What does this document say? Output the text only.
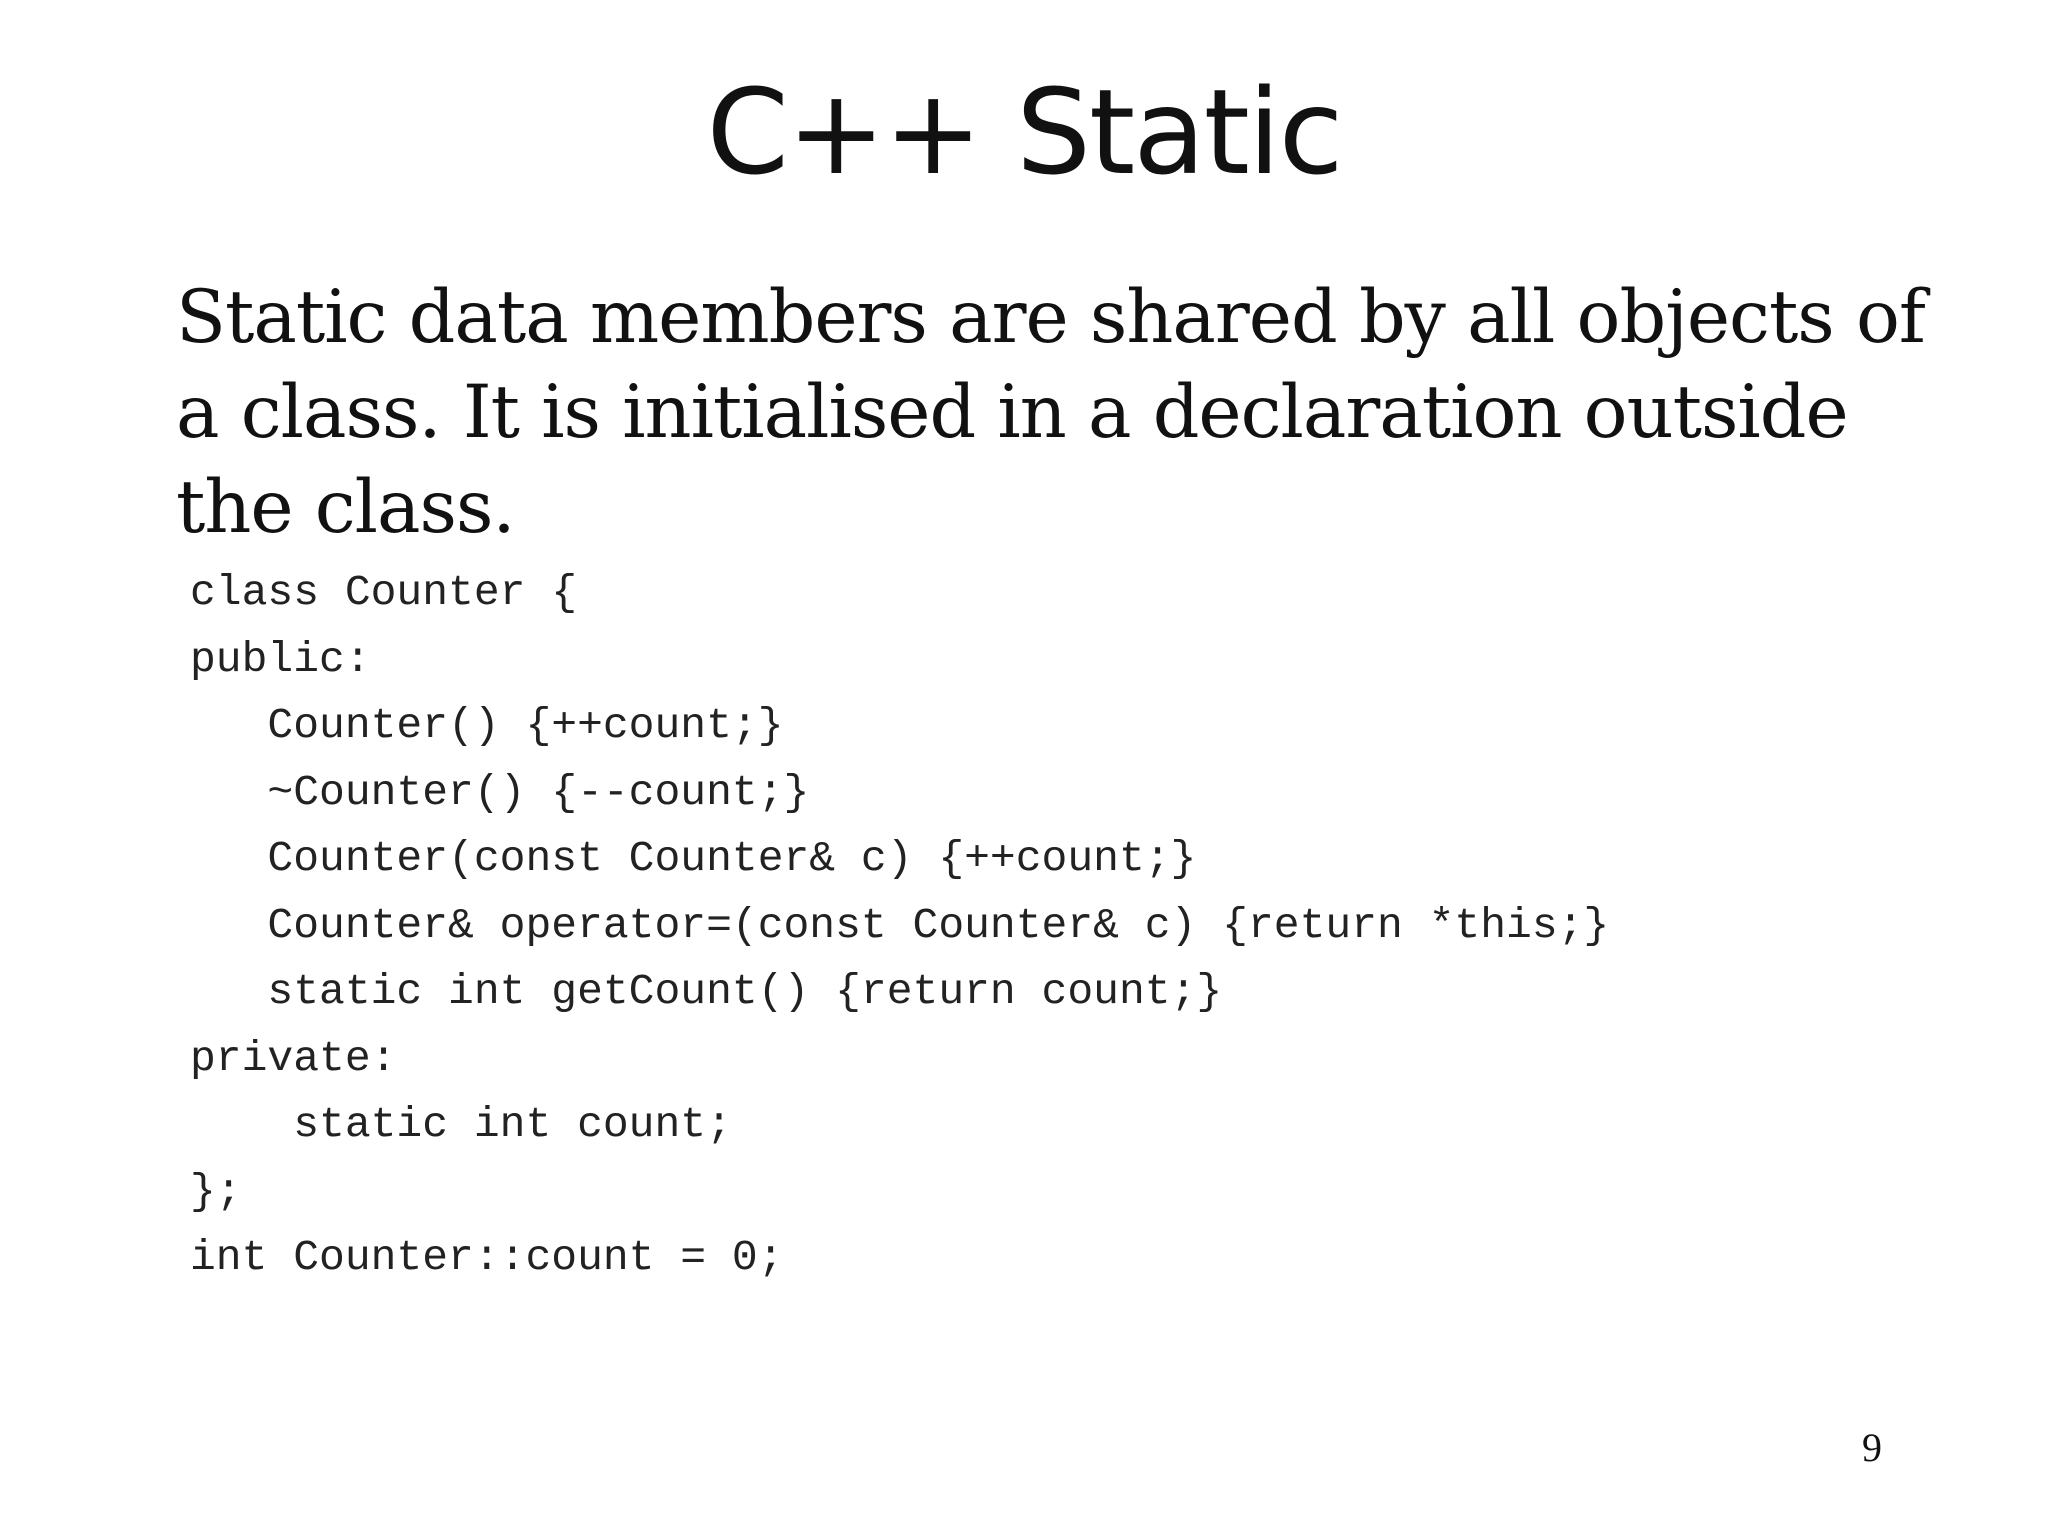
C++ Static
Static data members are shared by all objects of a class. It is initialised in a declaration outside the class.
class Counter {
public:
Counter() {++count;}
~Counter() {--count;}
Counter(const Counter& c) {++count;}
Counter& operator=(const Counter& c) {return *this;}
static int getCount() {return count;}
private:
static int count;
};
int Counter::count = 0;
9
